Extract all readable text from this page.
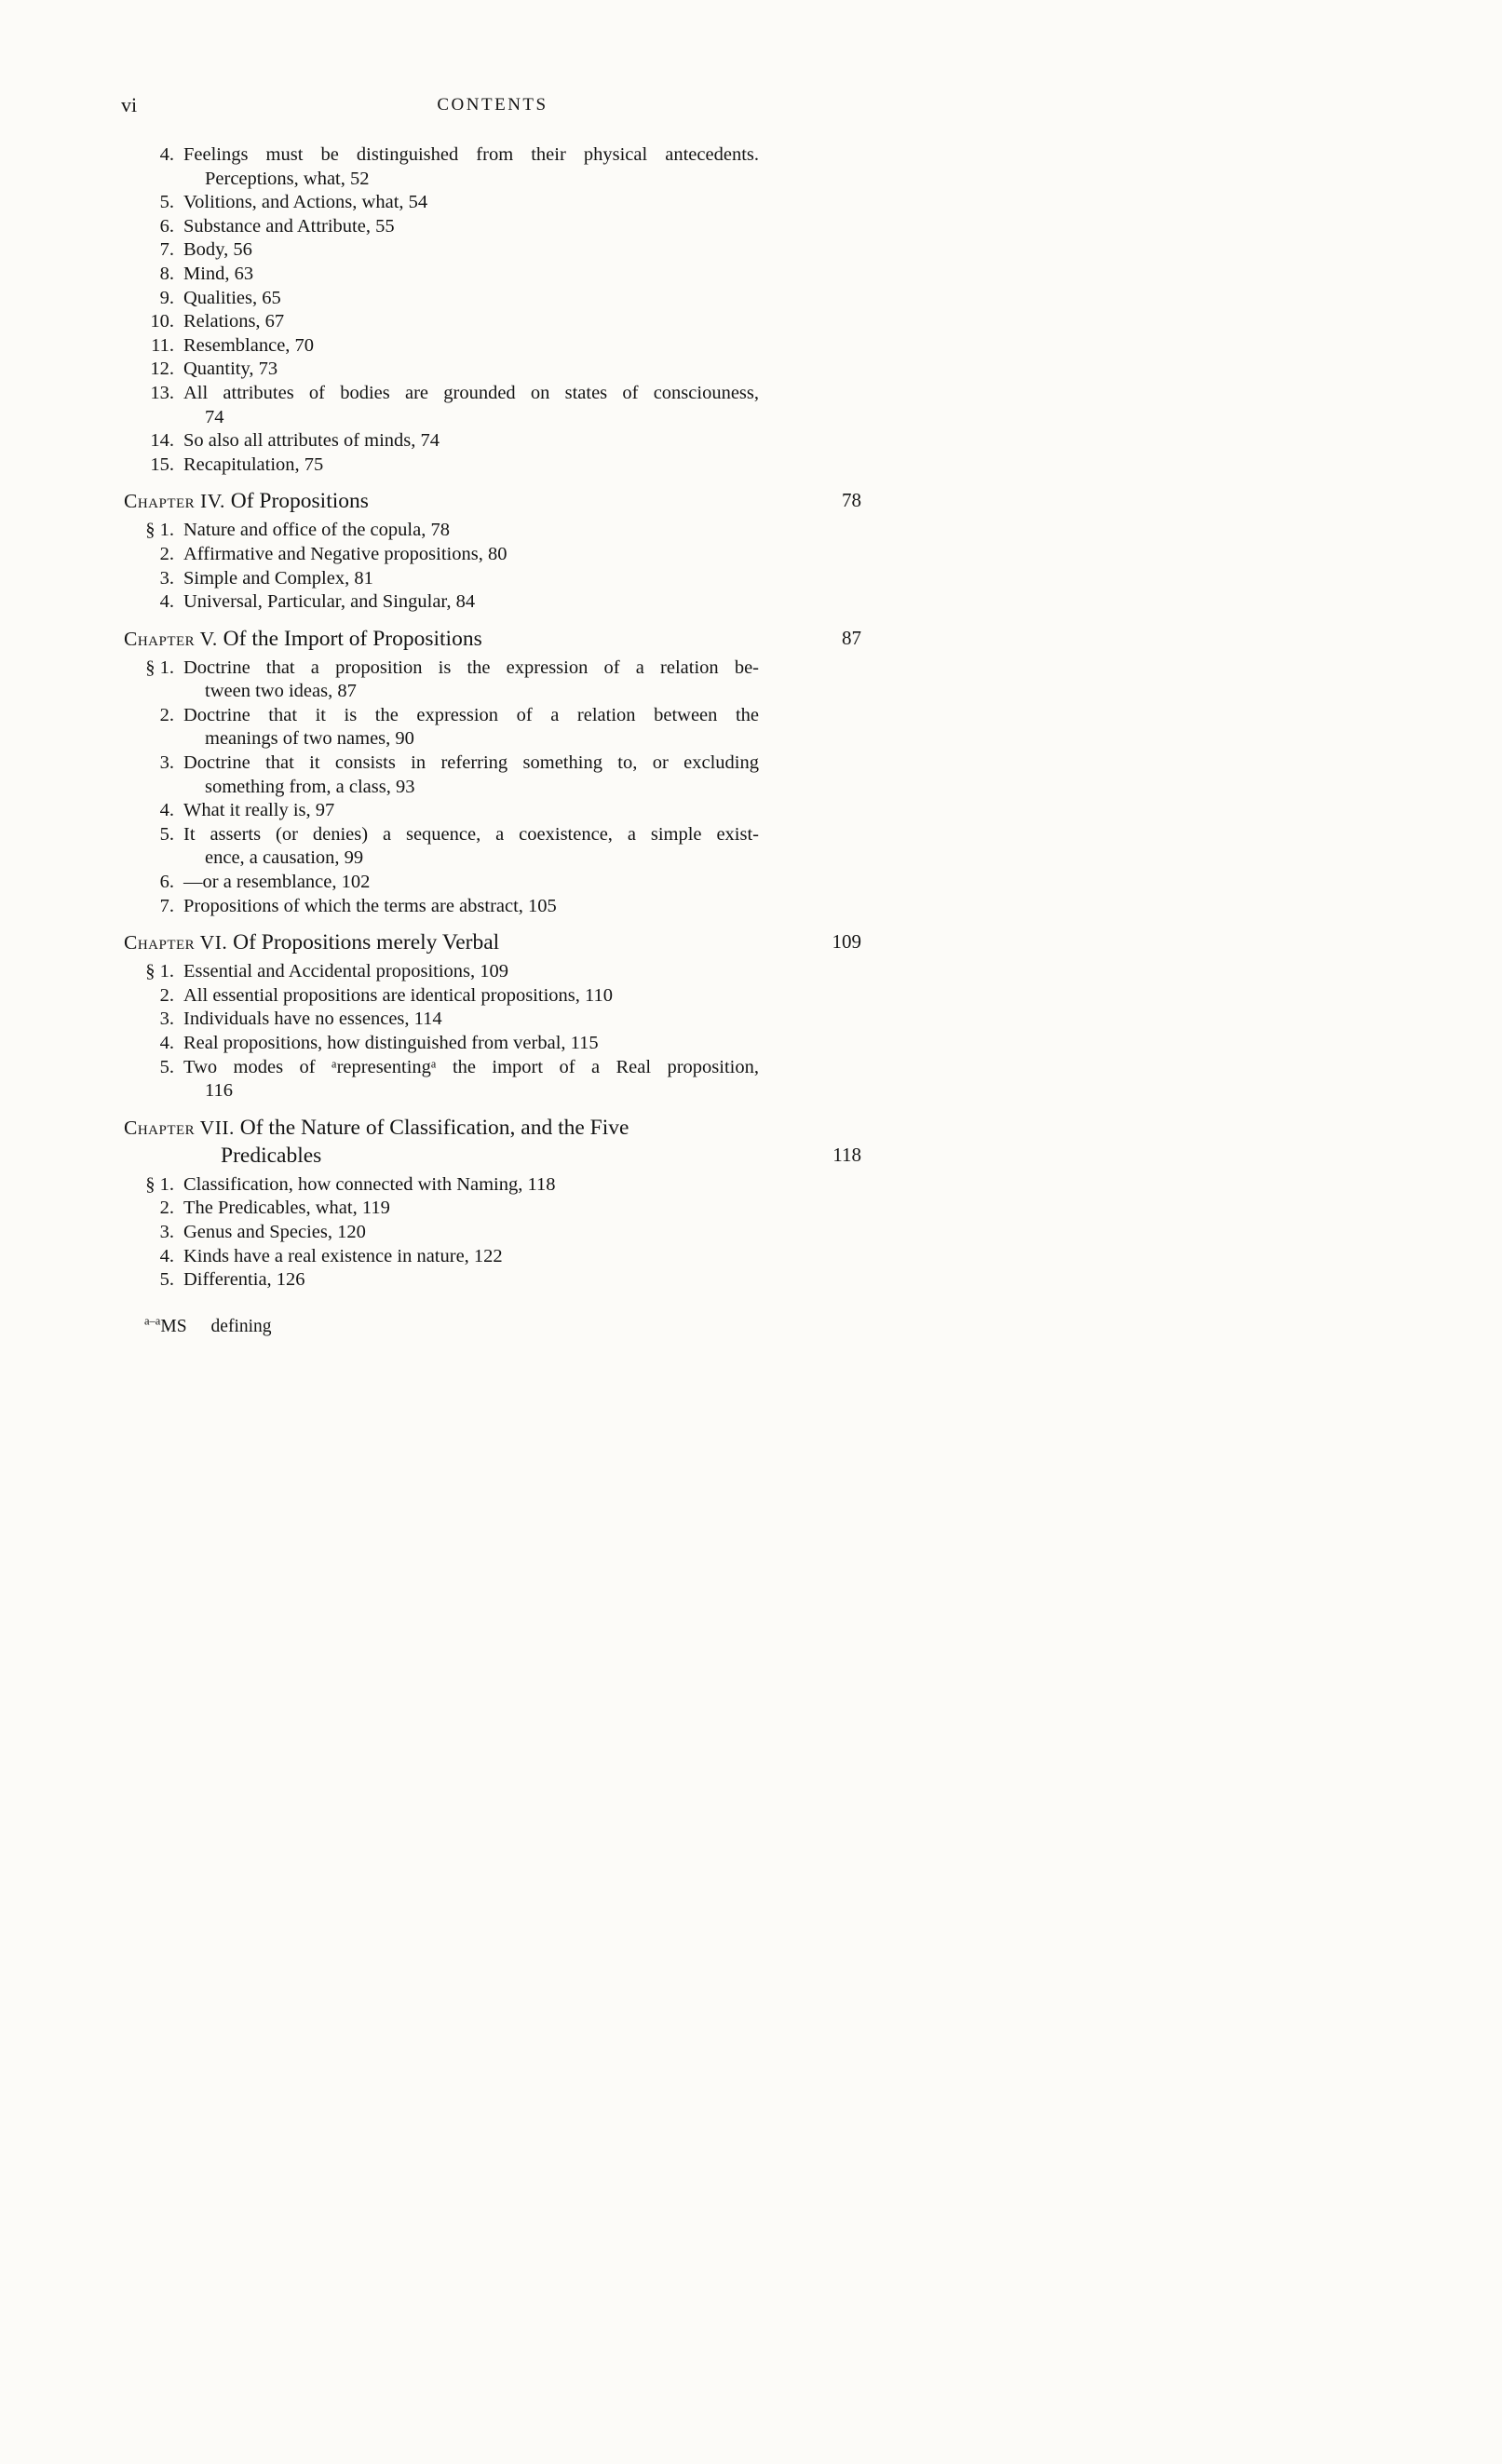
vi	CONTENTS
4. Feelings must be distinguished from their physical antecedents.
Perceptions, what, 52
5. Volitions, and Actions, what, 54
6. Substance and Attribute, 55
7. Body, 56
8. Mind, 63
9. Qualities, 65
10. Relations, 67
11. Resemblance, 70
12. Quantity, 73
13. All attributes of bodies are grounded on states of consciouness,
74
14. So also all attributes of minds, 74
15. Recapitulation, 75
Chapter IV. Of Propositions	78
§ 1. Nature and office of the copula, 78
2. Affirmative and Negative propositions, 80
3. Simple and Complex, 81
4. Universal, Particular, and Singular, 84
Chapter V. Of the Import of Propositions	87
§ 1. Doctrine that a proposition is the expression of a relation be-
tween two ideas, 87
2. Doctrine that it is the expression of a relation between the
meanings of two names, 90
3. Doctrine that it consists in referring something to, or excluding
something from, a class, 93
4. What it really is, 97
5. It asserts (or denies) a sequence, a coexistence, a simple exist-
ence, a causation, 99
6. —or a resemblance, 102
7. Propositions of which the terms are abstract, 105
Chapter VI. Of Propositions merely Verbal	109
§ 1. Essential and Accidental propositions, 109
2. All essential propositions are identical propositions, 110
3. Individuals have no essences, 114
4. Real propositions, how distinguished from verbal, 115
5. Two modes of ᵃrepresentingᵃ the import of a Real proposition,
116
Chapter VII. Of the Nature of Classification, and the Five
Predicables	118
§ 1. Classification, how connected with Naming, 118
2. The Predicables, what, 119
3. Genus and Species, 120
4. Kinds have a real existence in nature, 122
5. Differentia, 126
$^{a-a}$MS defining
